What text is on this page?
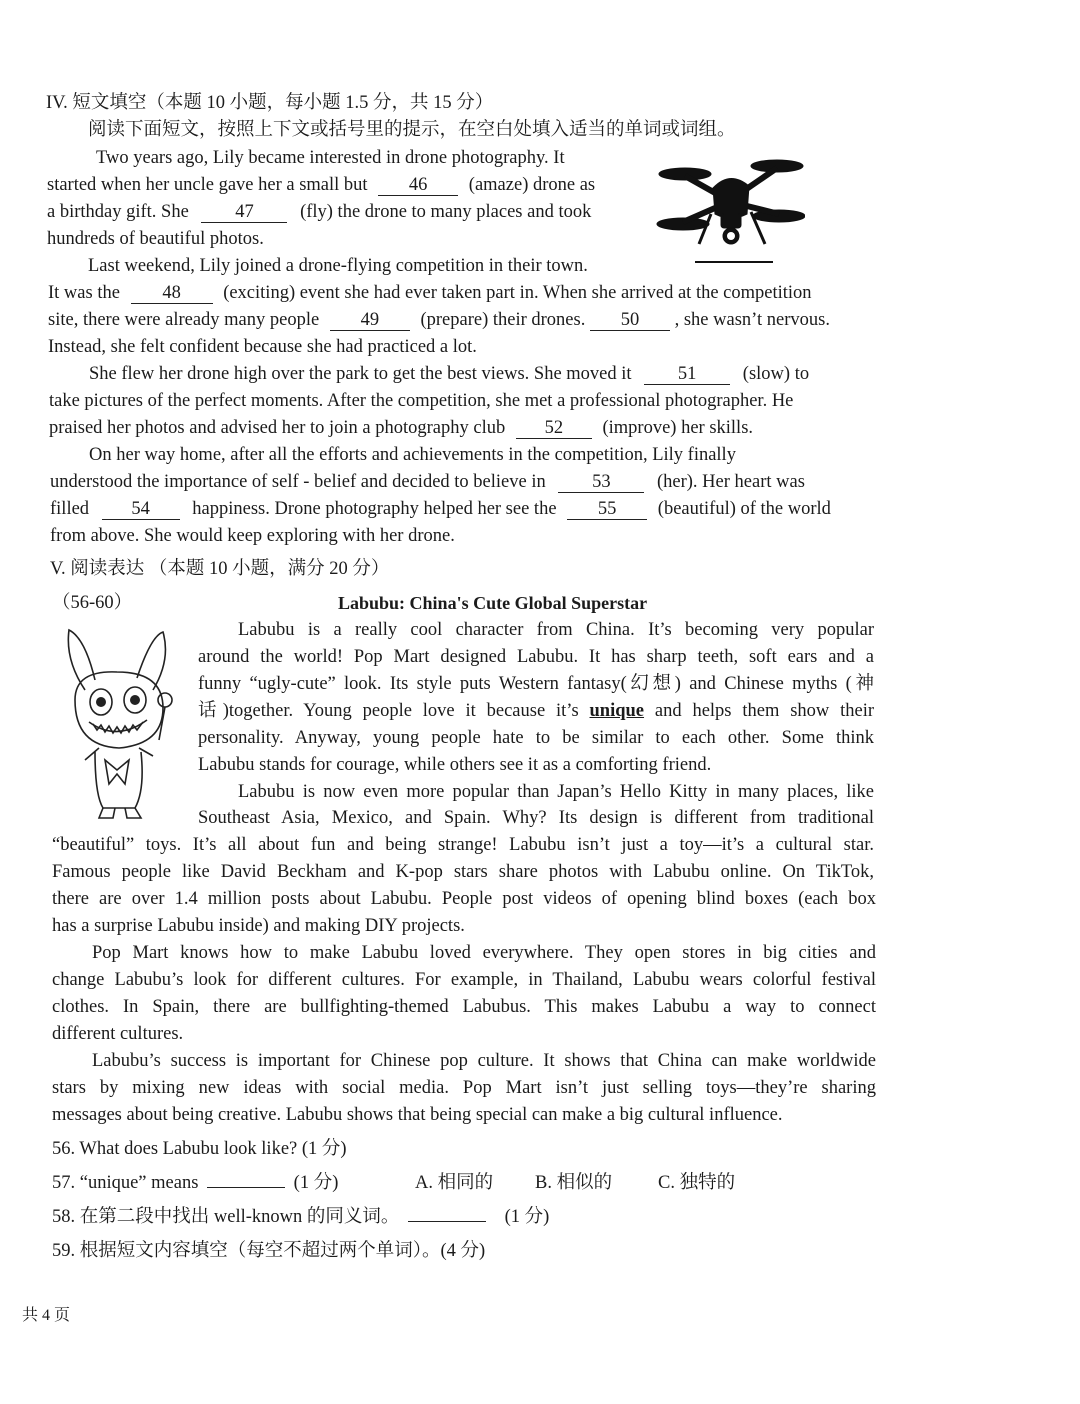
IV. 短文填空（本题 10 小题，每小题 1.5 分，共 15 分）
阅读下面短文，按照上下文或括号里的提示，在空白处填入适当的单词或词组。
Two years ago, Lily became interested in drone photography. It
started when her uncle gave her a small but 46 (amaze) drone as
a birthday gift. She	47	(fly) the drone to many places and took
hundreds of beautiful photos.
Last weekend, Lily joined a drone-flying competition in their town.
It was the 48 (exciting) event she had ever taken part in. When she arrived at the competition
site, there were already many people 49 (prepare) their drones. 50 , she wasn’t nervous.
Instead, she felt confident because she had practiced a lot.
She flew her drone high over the park to get the best views. She moved it	51	(slow) to
take pictures of the perfect moments. After the competition, she met a professional photographer. He
praised her photos and advised her to join a photography club 52 (improve) her skills.
On her way home, after all the efforts and achievements in the competition, Lily finally
understood the importance of self - belief and decided to believe in	53	(her). Her heart was
filled 54 happiness. Drone photography helped her see the 55 (beautiful) of the world
from above. She would keep exploring with her drone.
V. 阅读表达 （本题 10 小题，满分 20 分）
（56-60）	Labubu: China's Cute Global Superstar
Labubu is a really cool character from China. It’s becoming very popular
around the world! Pop Mart designed Labubu. It has sharp teeth, soft ears and a
funny “ugly-cute” look. Its style puts Western fantasy(幻想) and Chinese myths (神
话)together. Young people love it because it’s unique and helps them show their
personality. Anyway, young people hate to be similar to each other. Some think
Labubu stands for courage, while others see it as a comforting friend.
Labubu is now even more popular than Japan’s Hello Kitty in many places, like
Southeast Asia, Mexico, and Spain. Why? Its design is different from traditional
“beautiful” toys. It’s all about fun and being strange! Labubu isn’t just a toy—it’s a cultural star.
Famous people like David Beckham and K-pop stars share photos with Labubu online. On TikTok,
there are over 1.4 million posts about Labubu. People post videos of opening blind boxes (each box
has a surprise Labubu inside) and making DIY projects.
Pop Mart knows how to make Labubu loved everywhere. They open stores in big cities and
change Labubu’s look for different cultures. For example, in Thailand, Labubu wears colorful festival
clothes. In Spain, there are bullfighting-themed Labubus. This makes Labubu a way to connect
different cultures.
Labubu’s success is important for Chinese pop culture. It shows that China can make worldwide
stars by mixing new ideas with social media. Pop Mart isn’t just selling toys—they’re sharing
messages about being creative. Labubu shows that being special can make a big cultural influence.
56. What does Labubu look like? (1 分)
57. “unique” means	(1 分)	A. 相同的 B. 相似的 C. 独特的
58. 在第二段中找出 well-known 的同义词。	(1 分)
59. 根据短文内容填空（每空不超过两个单词）。(4 分)
共 4 页
